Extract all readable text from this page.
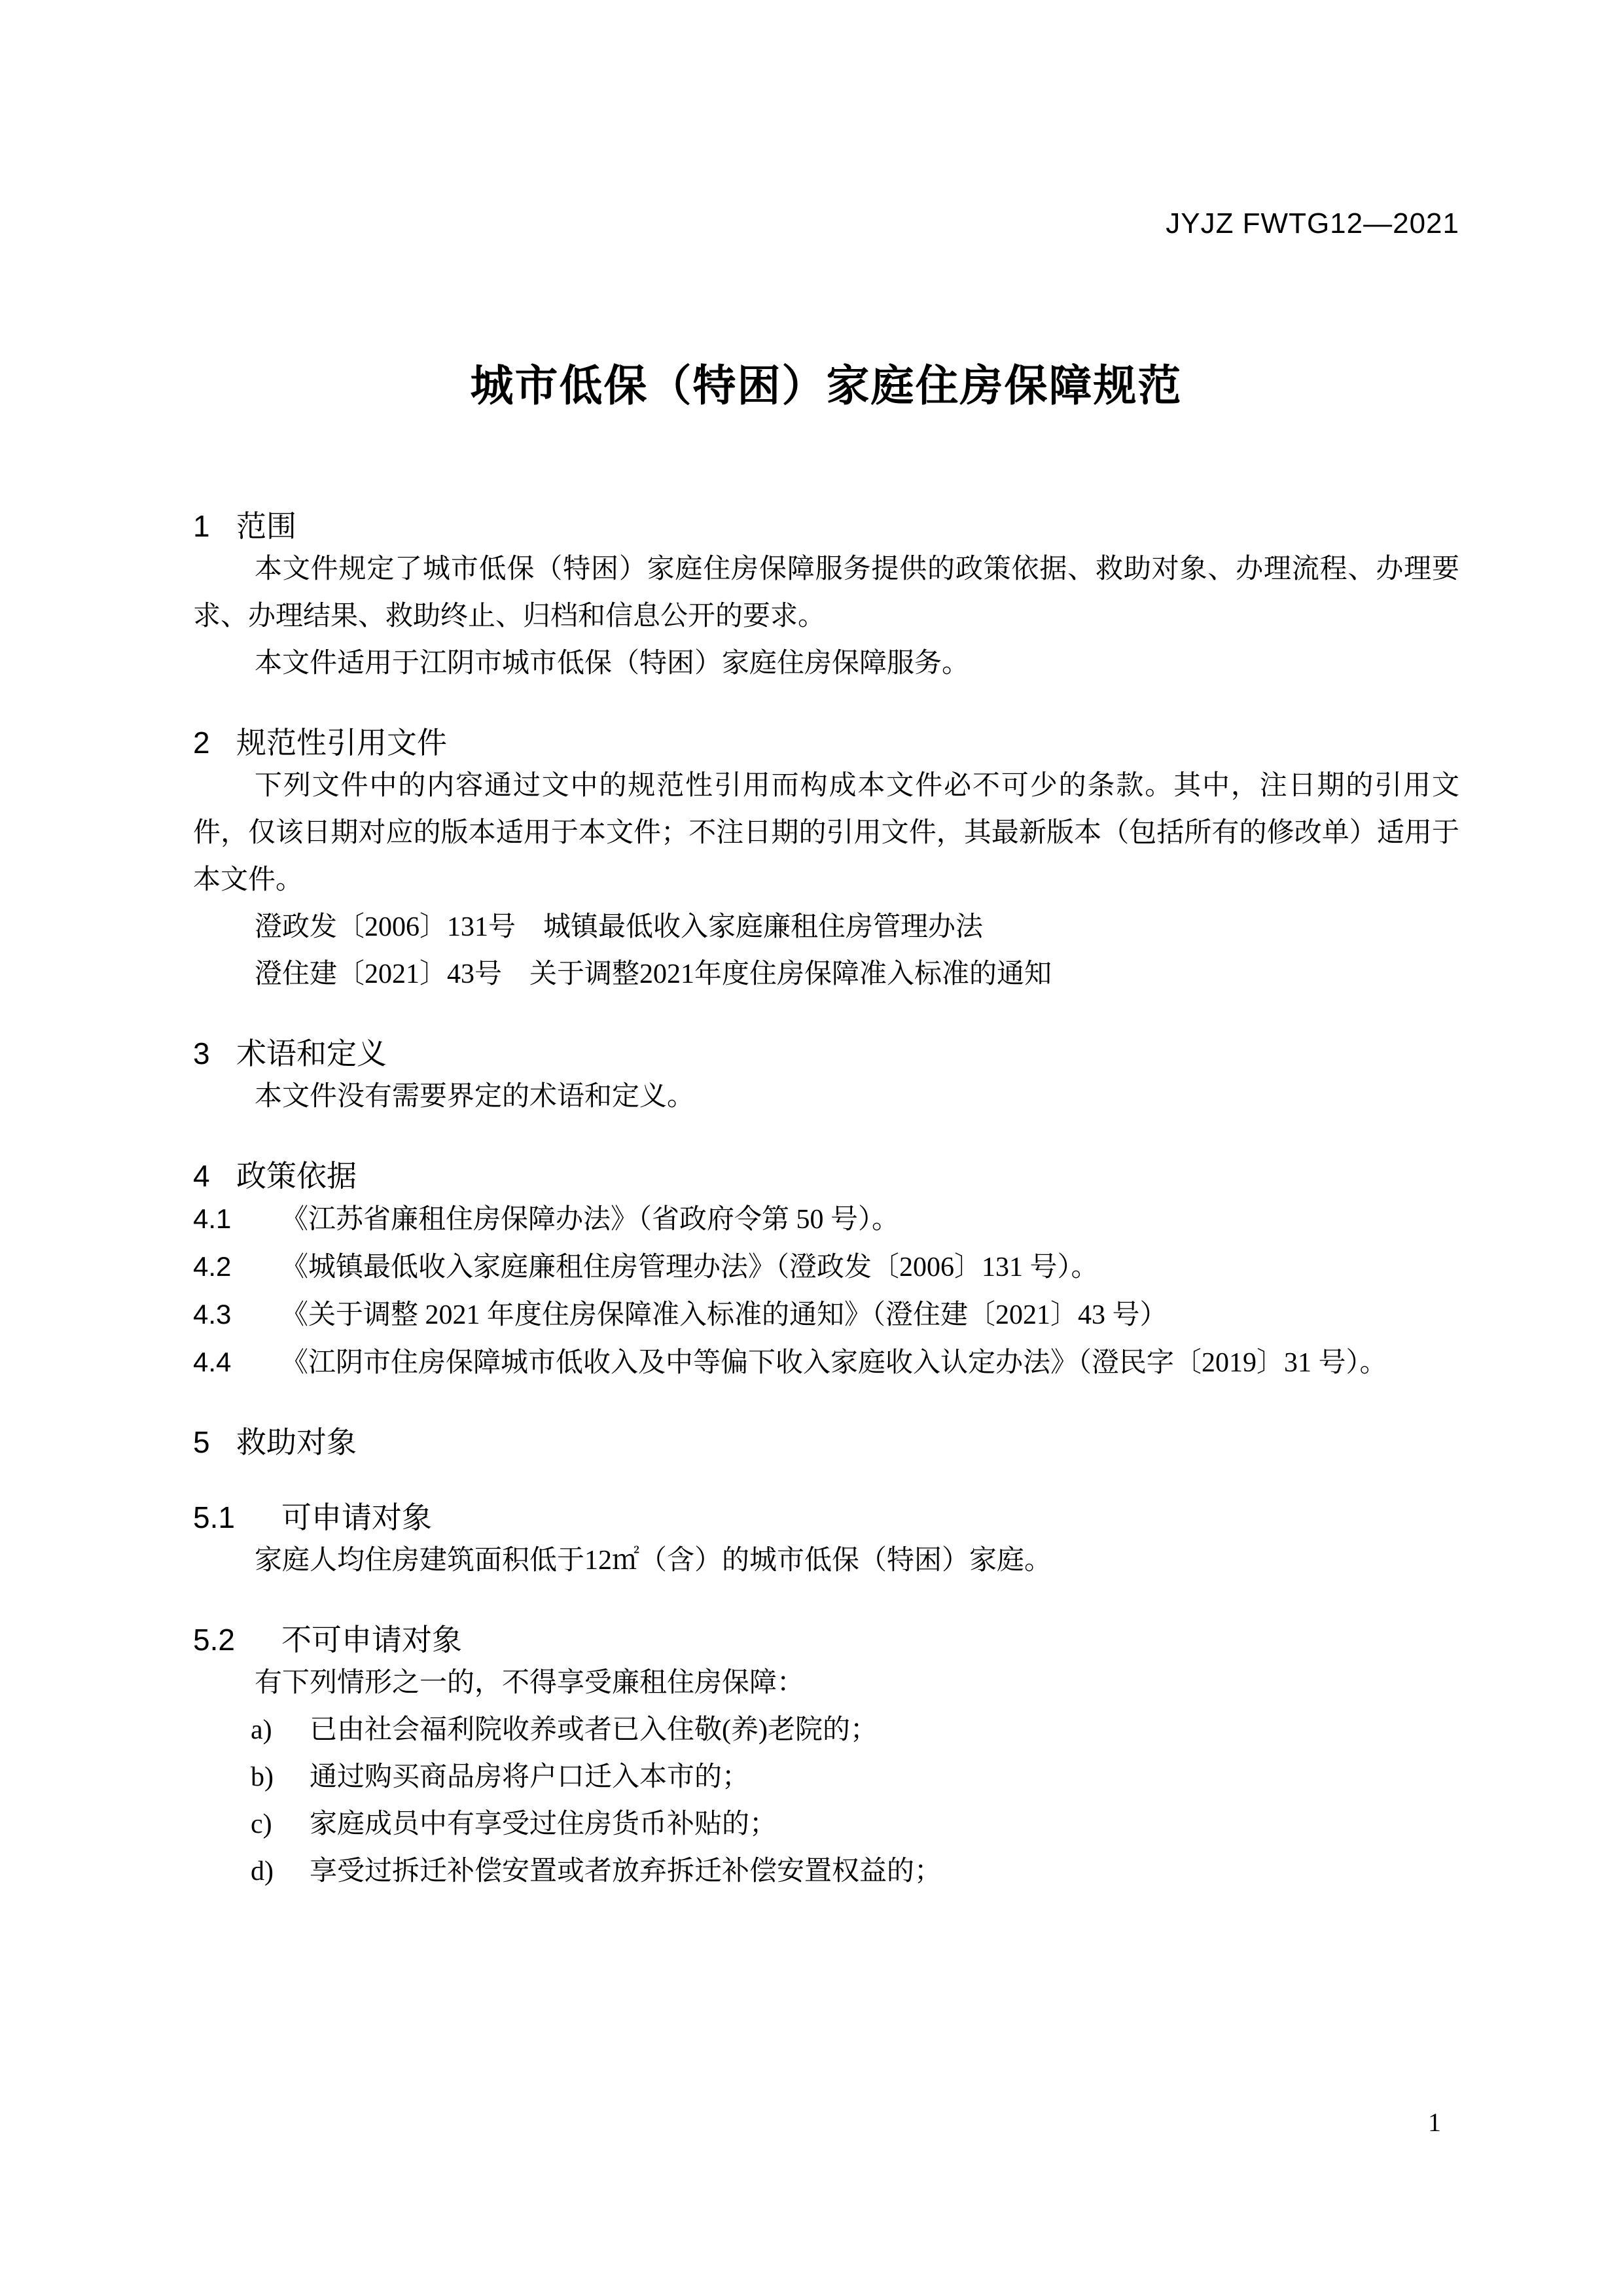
JYJZ FWTG12—2021
城市低保（特困）家庭住房保障规范
1 范围

本文件规定了城市低保（特困）家庭住房保障服务提供的政策依据、救助对象、办理流程、办理要求、办理结果、救助终止、归档和信息公开的要求。

本文件适用于江阴市城市低保（特困）家庭住房保障服务。

2 规范性引用文件

下列文件中的内容通过文中的规范性引用而构成本文件必不可少的条款。其中，注日期的引用文件，仅该日期对应的版本适用于本文件；不注日期的引用文件，其最新版本（包括所有的修改单）适用于本文件。

澄政发〔2006〕131号　城镇最低收入家庭廉租住房管理办法

澄住建〔2021〕43号　关于调整2021年度住房保障准入标准的通知

3 术语和定义

本文件没有需要界定的术语和定义。

4 政策依据
4.1	《江苏省廉租住房保障办法》（省政府令第 50 号）。
4.2	《城镇最低收入家庭廉租住房管理办法》（澄政发〔2006〕131 号）。
4.3	《关于调整 2021 年度住房保障准入标准的通知》（澄住建〔2021〕43 号）
4.4	《江阴市住房保障城市低收入及中等偏下收入家庭收入认定办法》（澄民字〔2019〕31 号）。
5 救助对象
5.1	可申请对象

家庭人均住房建筑面积低于12㎡（含）的城市低保（特困）家庭。

5.2	不可申请对象

有下列情形之一的，不得享受廉租住房保障：

a)	已由社会福利院收养或者已入住敬(养)老院的；
b)	通过购买商品房将户口迁入本市的；
c)	家庭成员中有享受过住房货币补贴的；
d)	享受过拆迁补偿安置或者放弃拆迁补偿安置权益的；
1
